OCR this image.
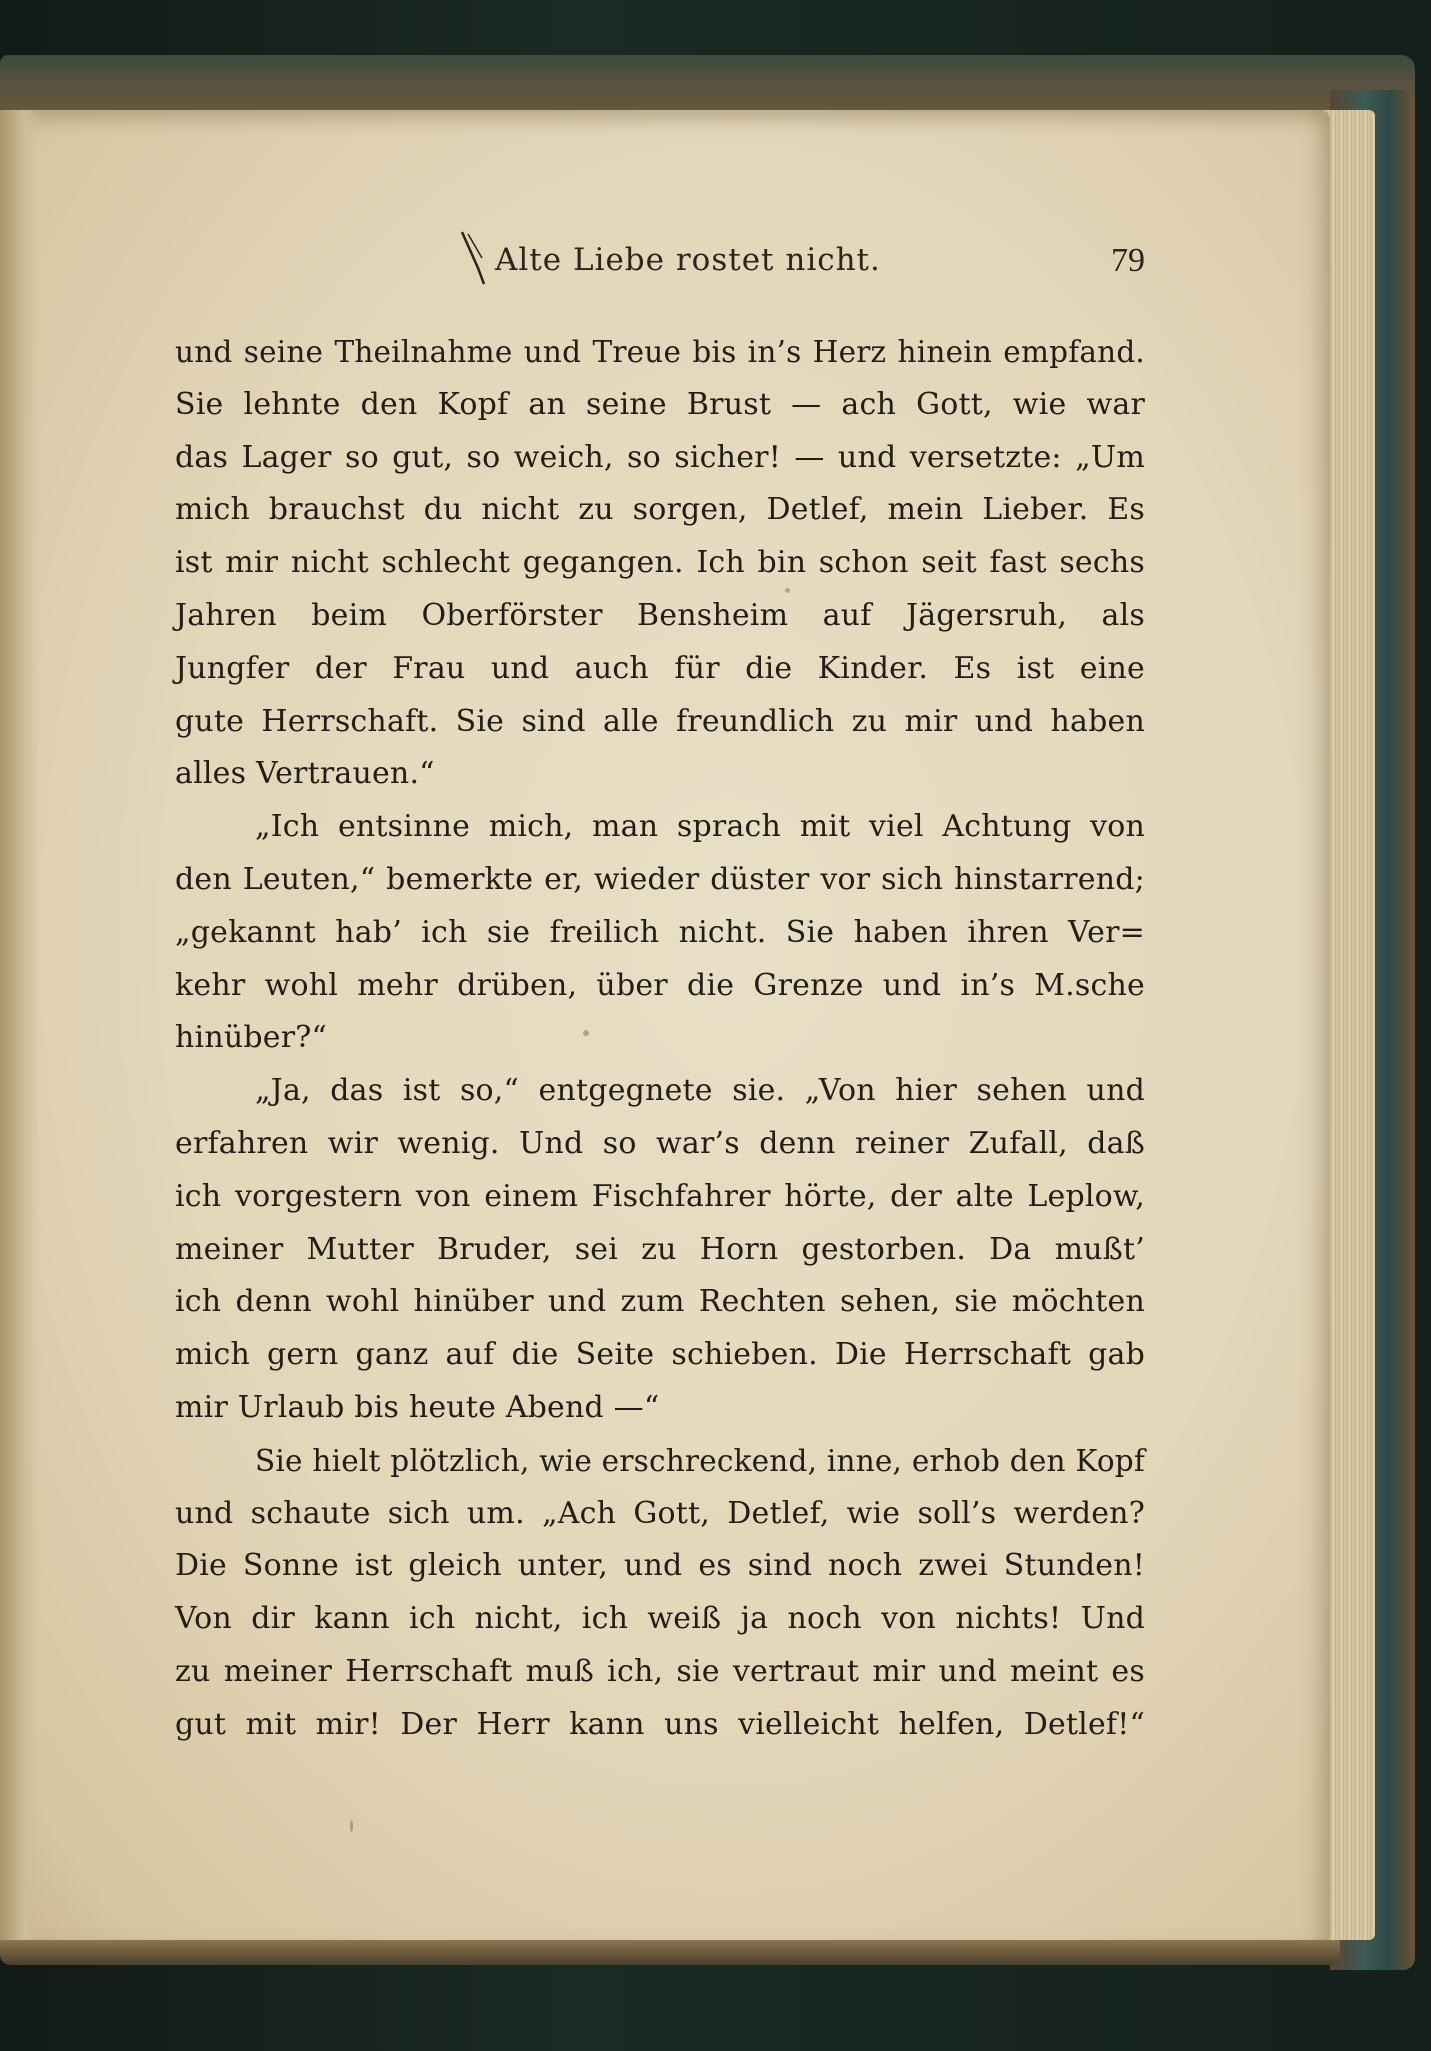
Alte Liebe rostet nicht.	79
und seine Theilnahme und Treue bis in’s Herz hinein empfand.
Sie lehnte den Kopf an seine Brust — ach Gott, wie war
das Lager so gut, so weich, so sicher! — und versetzte: „Um
mich brauchst du nicht zu sorgen, Detlef, mein Lieber. Es
ist mir nicht schlecht gegangen. Ich bin schon seit fast sechs
Jahren beim Oberförster Bensheim auf Jägersruh, als
Jungfer der Frau und auch für die Kinder. Es ist eine
gute Herrschaft. Sie sind alle freundlich zu mir und haben
alles Vertrauen.“
„Ich entsinne mich, man sprach mit viel Achtung von
den Leuten,“ bemerkte er, wieder düster vor sich hinstarrend;
„gekannt hab’ ich sie freilich nicht. Sie haben ihren Ver=
kehr wohl mehr drüben, über die Grenze und in’s M.sche
hinüber?“
„Ja, das ist so,“ entgegnete sie. „Von hier sehen und
erfahren wir wenig. Und so war’s denn reiner Zufall, daß
ich vorgestern von einem Fischfahrer hörte, der alte Leplow,
meiner Mutter Bruder, sei zu Horn gestorben. Da mußt’
ich denn wohl hinüber und zum Rechten sehen, sie möchten
mich gern ganz auf die Seite schieben. Die Herrschaft gab
mir Urlaub bis heute Abend —“
Sie hielt plötzlich, wie erschreckend, inne, erhob den Kopf
und schaute sich um. „Ach Gott, Detlef, wie soll’s werden?
Die Sonne ist gleich unter, und es sind noch zwei Stunden!
Von dir kann ich nicht, ich weiß ja noch von nichts! Und
zu meiner Herrschaft muß ich, sie vertraut mir und meint es
gut mit mir! Der Herr kann uns vielleicht helfen, Detlef!“
